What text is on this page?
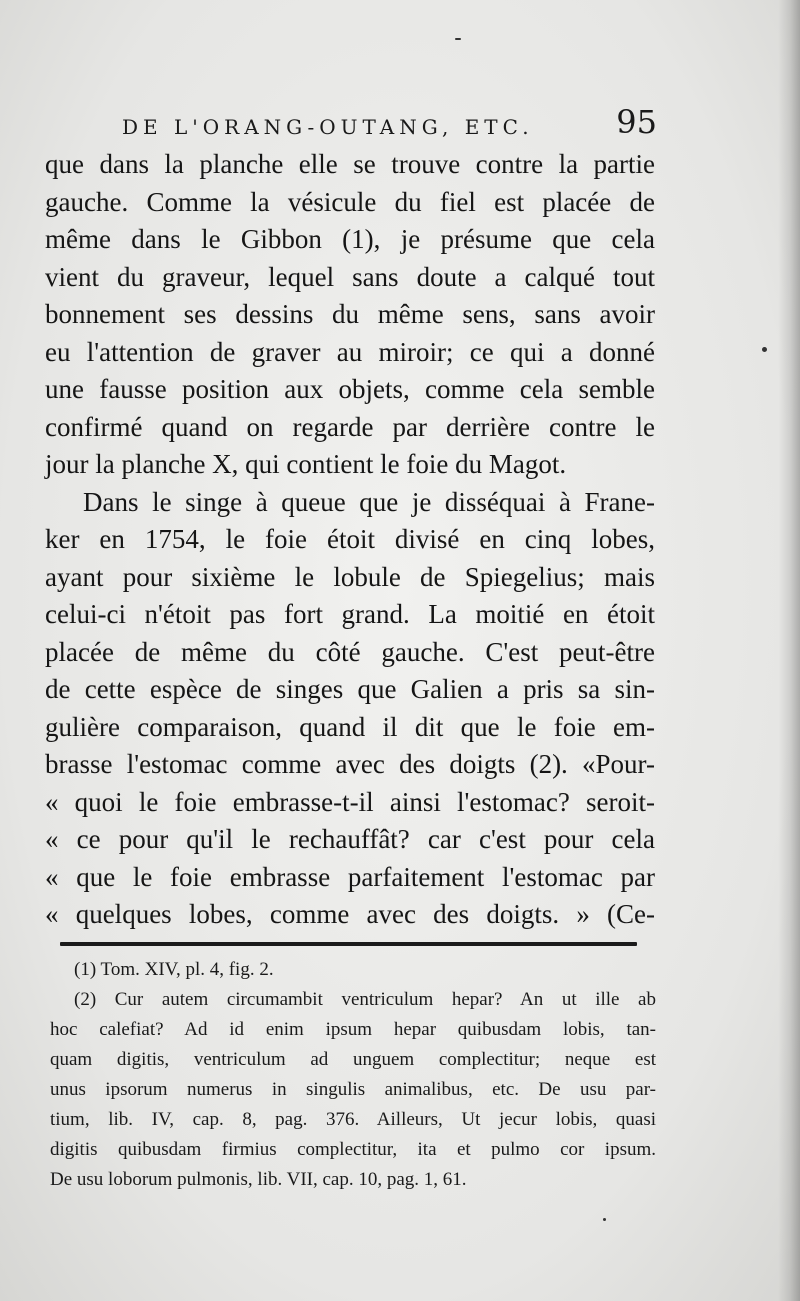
DE L'ORANG-OUTANG, ETC.	95
que dans la planche elle se trouve contre la partie
gauche. Comme la vésicule du fiel est placée de
même dans le Gibbon (1), je présume que cela
vient du graveur, lequel sans doute a calqué tout
bonnement ses dessins du même sens, sans avoir
eu l'attention de graver au miroir; ce qui a donné
une fausse position aux objets, comme cela semble
confirmé quand on regarde par derrière contre le
jour la planche X, qui contient le foie du Magot.
Dans le singe à queue que je disséquai à Frane-
ker en 1754, le foie étoit divisé en cinq lobes,
ayant pour sixième le lobule de Spiegelius; mais
celui-ci n'étoit pas fort grand. La moitié en étoit
placée de même du côté gauche. C'est peut-être
de cette espèce de singes que Galien a pris sa sin-
gulière comparaison, quand il dit que le foie em-
brasse l'estomac comme avec des doigts (2). «Pour-
« quoi le foie embrasse-t-il ainsi l'estomac? seroit-
« ce pour qu'il le rechauffât? car c'est pour cela
« que le foie embrasse parfaitement l'estomac par
« quelques lobes, comme avec des doigts. » (Ce-
(1) Tom. XIV, pl. 4, fig. 2.
(2) Cur autem circumambit ventriculum hepar? An ut ille ab
hoc calefiat? Ad id enim ipsum hepar quibusdam lobis, tan-
quam digitis, ventriculum ad unguem complectitur; neque est
unus ipsorum numerus in singulis animalibus, etc. De usu par-
tium, lib. IV, cap. 8, pag. 376. Ailleurs, Ut jecur lobis, quasi
digitis quibusdam firmius complectitur, ita et pulmo cor ipsum.
De usu loborum pulmonis, lib. VII, cap. 10, pag. 1, 61.
